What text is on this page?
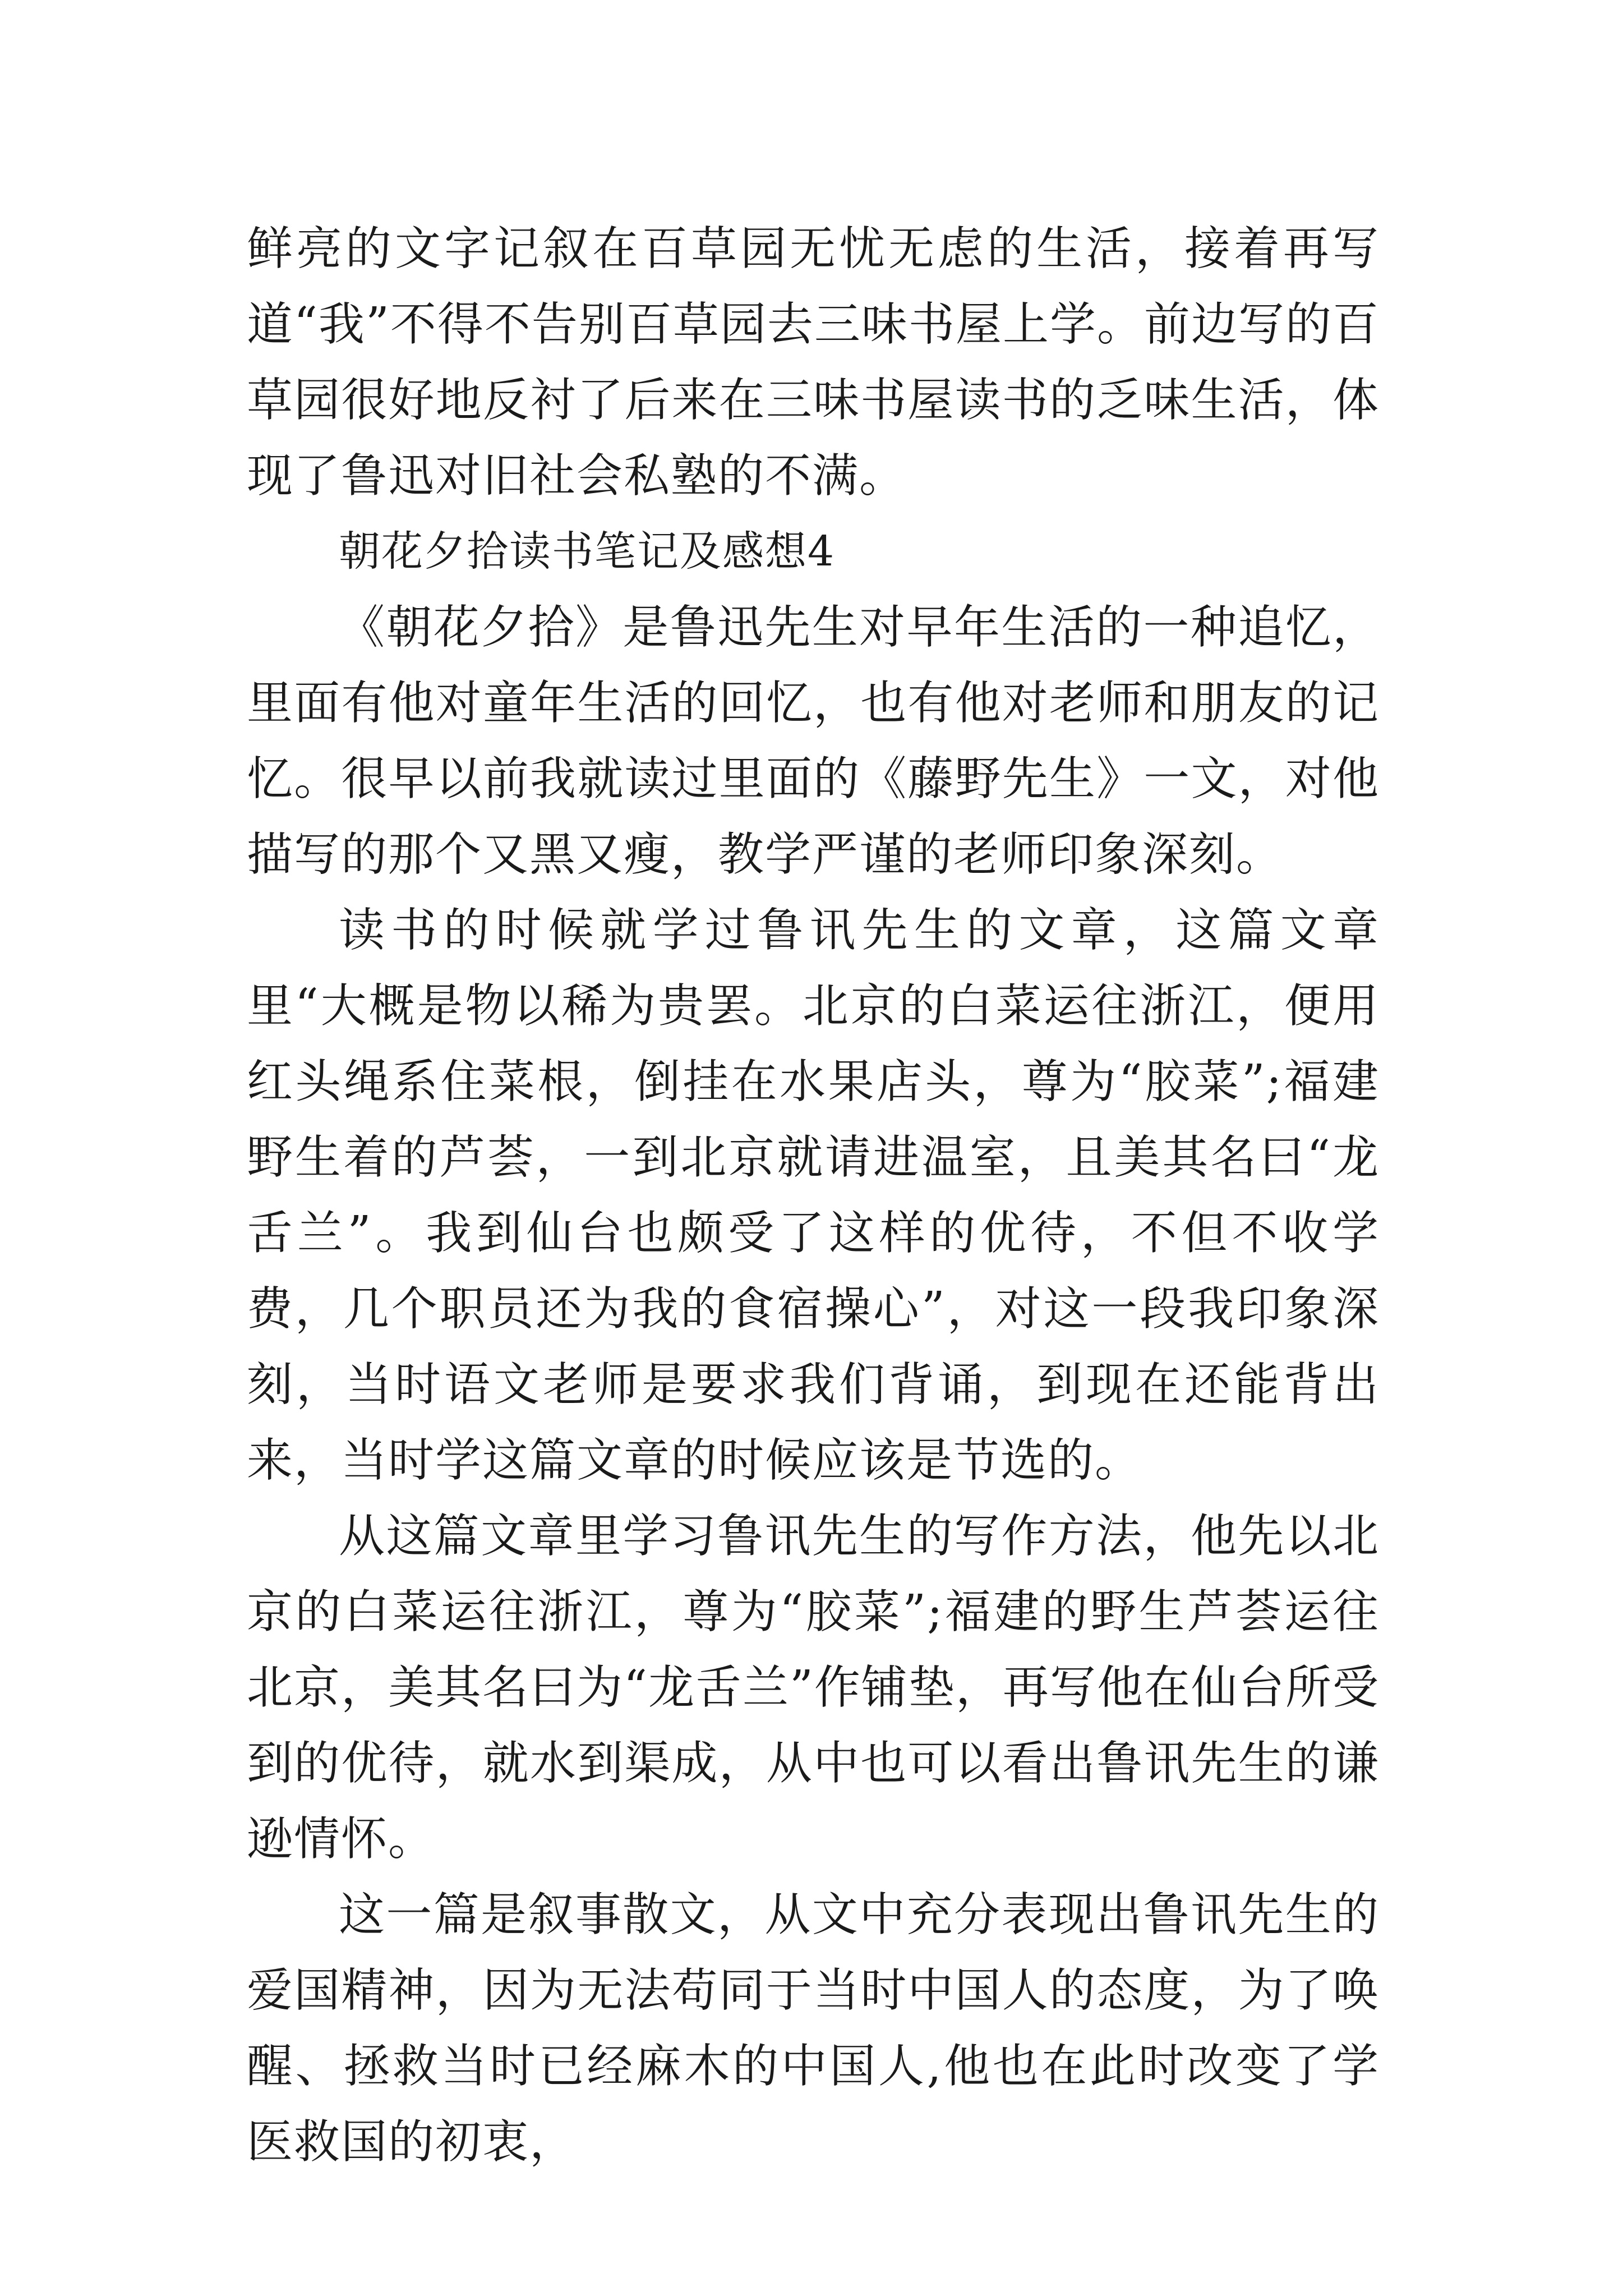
鲜亮的文字记叙在百草园无忧无虑的生活，接着再写道“我”不得不告别百草园去三味书屋上学。前边写的百草园很好地反衬了后来在三味书屋读书的乏味生活，体现了鲁迅对旧社会私塾的不满。

朝花夕拾读书笔记及感想4

《朝花夕拾》是鲁迅先生对早年生活的一种追忆，里面有他对童年生活的回忆，也有他对老师和朋友的记忆。很早以前我就读过里面的《藤野先生》一文，对他描写的那个又黑又瘦，教学严谨的老师印象深刻。

读书的时候就学过鲁讯先生的文章，这篇文章里“大概是物以稀为贵罢。北京的白菜运往浙江，便用红头绳系住菜根，倒挂在水果店头，尊为“胶菜”;福建野生着的芦荟，一到北京就请进温室，且美其名曰“龙舌兰”。我到仙台也颇受了这样的优待，不但不收学费，几个职员还为我的食宿操心”，对这一段我印象深刻，当时语文老师是要求我们背诵，到现在还能背出来，当时学这篇文章的时候应该是节选的。

从这篇文章里学习鲁讯先生的写作方法，他先以北京的白菜运往浙江，尊为“胶菜”;福建的野生芦荟运往北京，美其名曰为“龙舌兰”作铺垫，再写他在仙台所受到的优待，就水到渠成，从中也可以看出鲁讯先生的谦逊情怀。

这一篇是叙事散文，从文中充分表现出鲁讯先生的爱国精神，因为无法苟同于当时中国人的态度，为了唤醒、拯救当时已经麻木的中国人,他也在此时改变了学医救国的初衷，
